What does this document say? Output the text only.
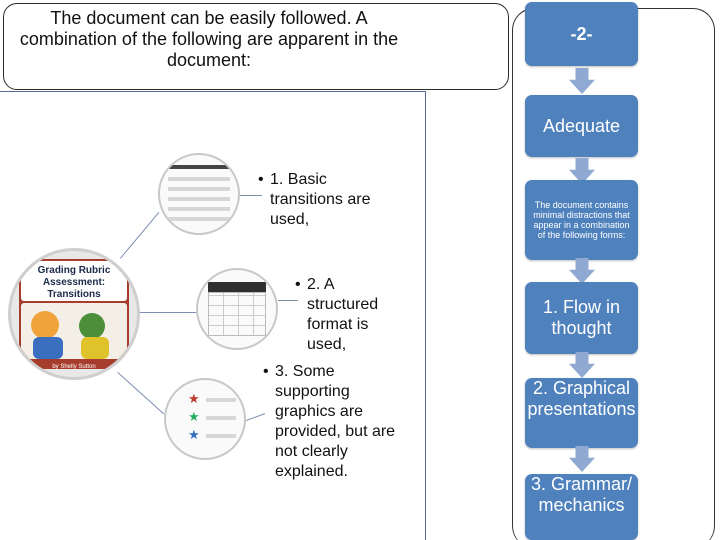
The document can be easily followed. A combination of the following are apparent in the document:
Grading Rubric Assessment: Transitions
by Shelly Sutton
★
★
★
• 1. Basic transitions are used,
• 2. A structured format is used,
• 3. Some supporting graphics are provided, but are not clearly explained.
-2-
Adequate
The document contains minimal distractions that appear in a combination of the following forms:
1. Flow in thought
2. Graphical presentations
3. Grammar/ mechanics
